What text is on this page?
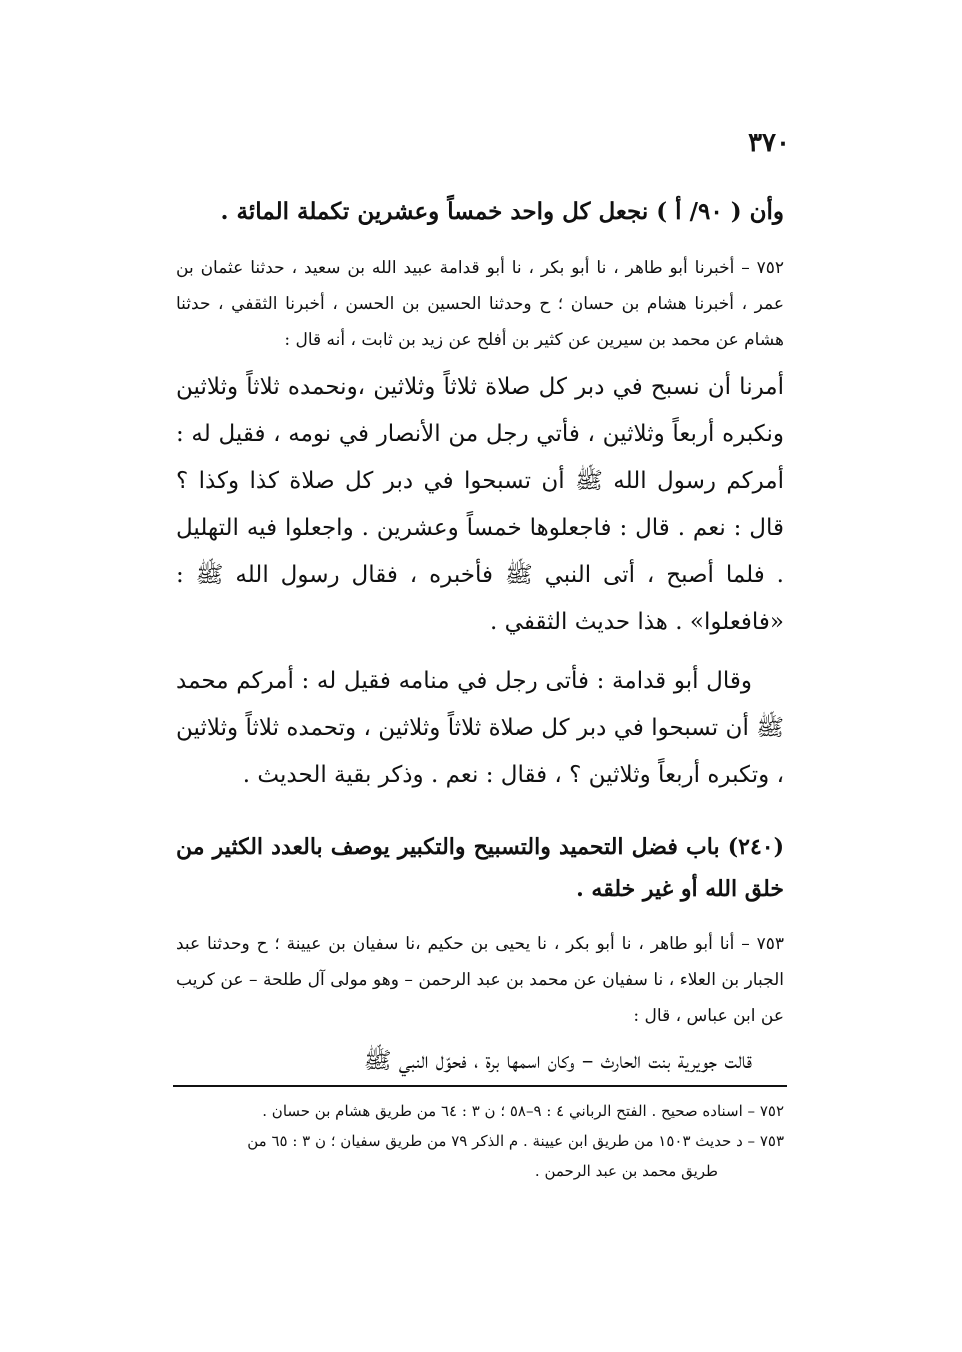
٣٧٠
وأن ( ٩٠/ أ ) نجعل كل واحد خمساً وعشرين تكملة المائة .
٧٥٢ – أخبرنا أبو طاهر ، نا أبو بكر ، نا أبو قدامة عبيد الله بن سعيد ، حدثنا عثمان بن عمر ، أخبرنا هشام بن حسان ؛ ح وحدثنا الحسين بن الحسن ، أخبرنا الثقفي ، حدثنا هشام عن محمد بن سيرين عن كثير بن أفلح عن زيد بن ثابت ، أنه قال :
أمرنا أن نسبح في دبر كل صلاة ثلاثاً وثلاثين ،ونحمده ثلاثاً وثلاثين ونكبره أربعاً وثلاثين ، فأتي رجل من الأنصار في نومه ، فقيل له : أمركم رسول الله ﷺ أن تسبحوا في دبر كل صلاة كذا وكذا ؟ قال : نعم . قال : فاجعلوها خمساً وعشرين . واجعلوا فيه التهليل . فلما أصبح ، أتى النبي ﷺ فأخبره ، فقال رسول الله ﷺ : «فافعلوا» . هذا حديث الثقفي .
وقال أبو قدامة : فأتى رجل في منامه فقيل له : أمركم محمد ﷺ أن تسبحوا في دبر كل صلاة ثلاثاً وثلاثين ، وتحمده ثلاثاً وثلاثين ، وتكبره أربعاً وثلاثين ؟ ، فقال : نعم . وذكر بقية الحديث .
(٢٤٠) باب فضل التحميد والتسبيح والتكبير يوصف بالعدد الكثير من خلق الله أو غير خلقه .
٧٥٣ – أنا أبو طاهر ، نا أبو بكر ، نا يحيى بن حكيم ،نا سفيان بن عيينة ؛ ح وحدثنا عبد الجبار بن العلاء ، نا سفيان عن محمد بن عبد الرحمن – وهو مولى آل طلحة – عن كريب عن ابن عباس ، قال :
قالت جويرية بنت الحارث – وكان اسمها برة ، فحوّل النبي ﷺ

٧٥٢ – اسناده صحيح . الفتح الرباني ٤ : ٩–٥٨ ؛ ن ٣ : ٦٤ من طريق هشام بن حسان .

٧٥٣ – د حديث ١٥٠٣ من طريق ابن عيينة . م الذكر ٧٩ من طريق سفيان ؛ ن ٣ : ٦٥ من

طريق محمد بن عبد الرحمن .
